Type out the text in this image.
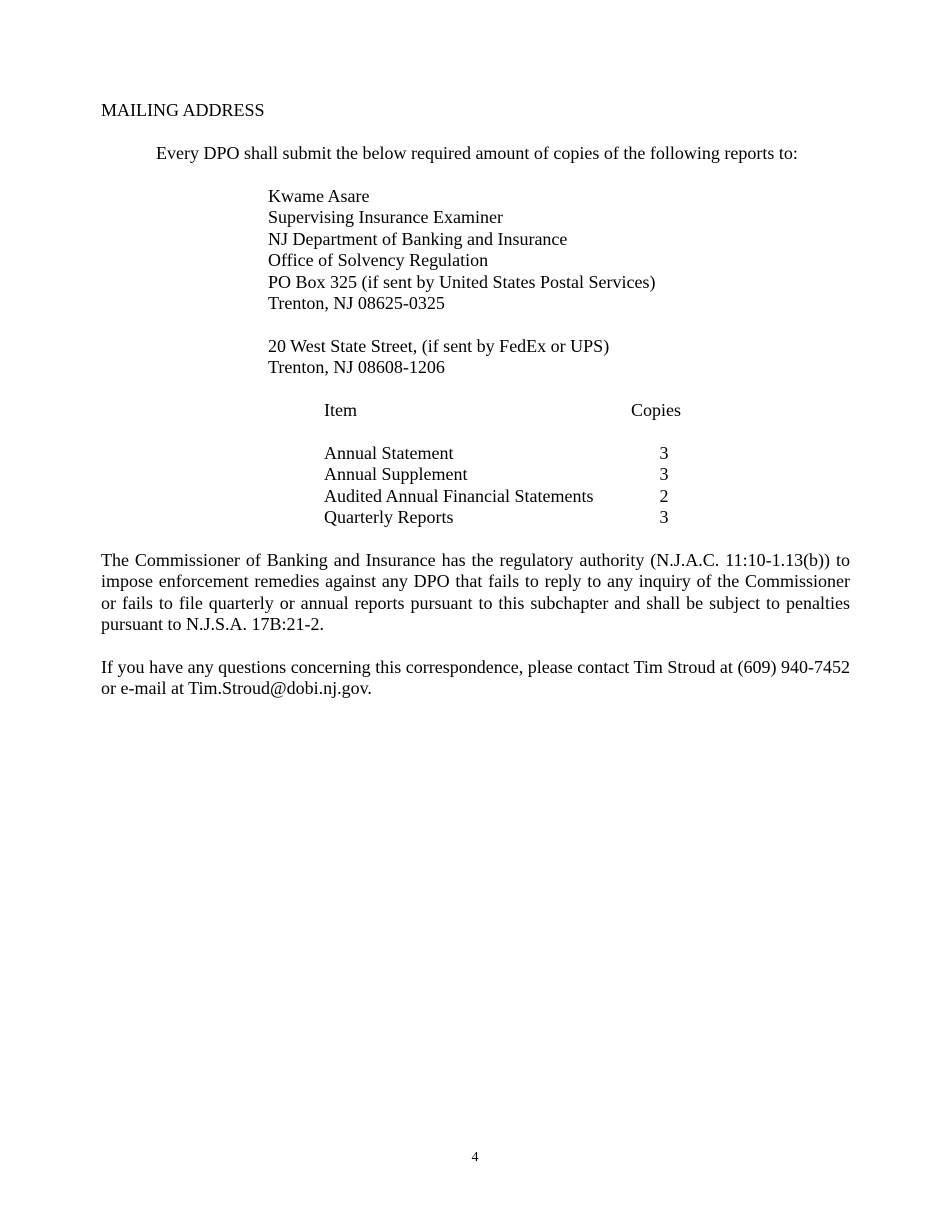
MAILING ADDRESS
Every DPO shall submit the below required amount of copies of the following reports to:
Kwame Asare
Supervising Insurance Examiner
NJ Department of Banking and Insurance
Office of Solvency Regulation
PO Box 325 (if sent by United States Postal Services)
Trenton, NJ 08625-0325
20 West State Street, (if sent by FedEx or UPS)
Trenton, NJ 08608-1206
Item	Copies
Annual Statement	3
Annual Supplement	3
Audited Annual Financial Statements	2
Quarterly Reports	3
The Commissioner of Banking and Insurance has the regulatory authority (N.J.A.C. 11:10-1.13(b)) to impose enforcement remedies against any DPO that fails to reply to any inquiry of the Commissioner or fails to file quarterly or annual reports pursuant to this subchapter and shall be subject to penalties pursuant to N.J.S.A. 17B:21-2.
If you have any questions concerning this correspondence, please contact Tim Stroud at (609) 940-7452 or e-mail at Tim.Stroud@dobi.nj.gov.
4
